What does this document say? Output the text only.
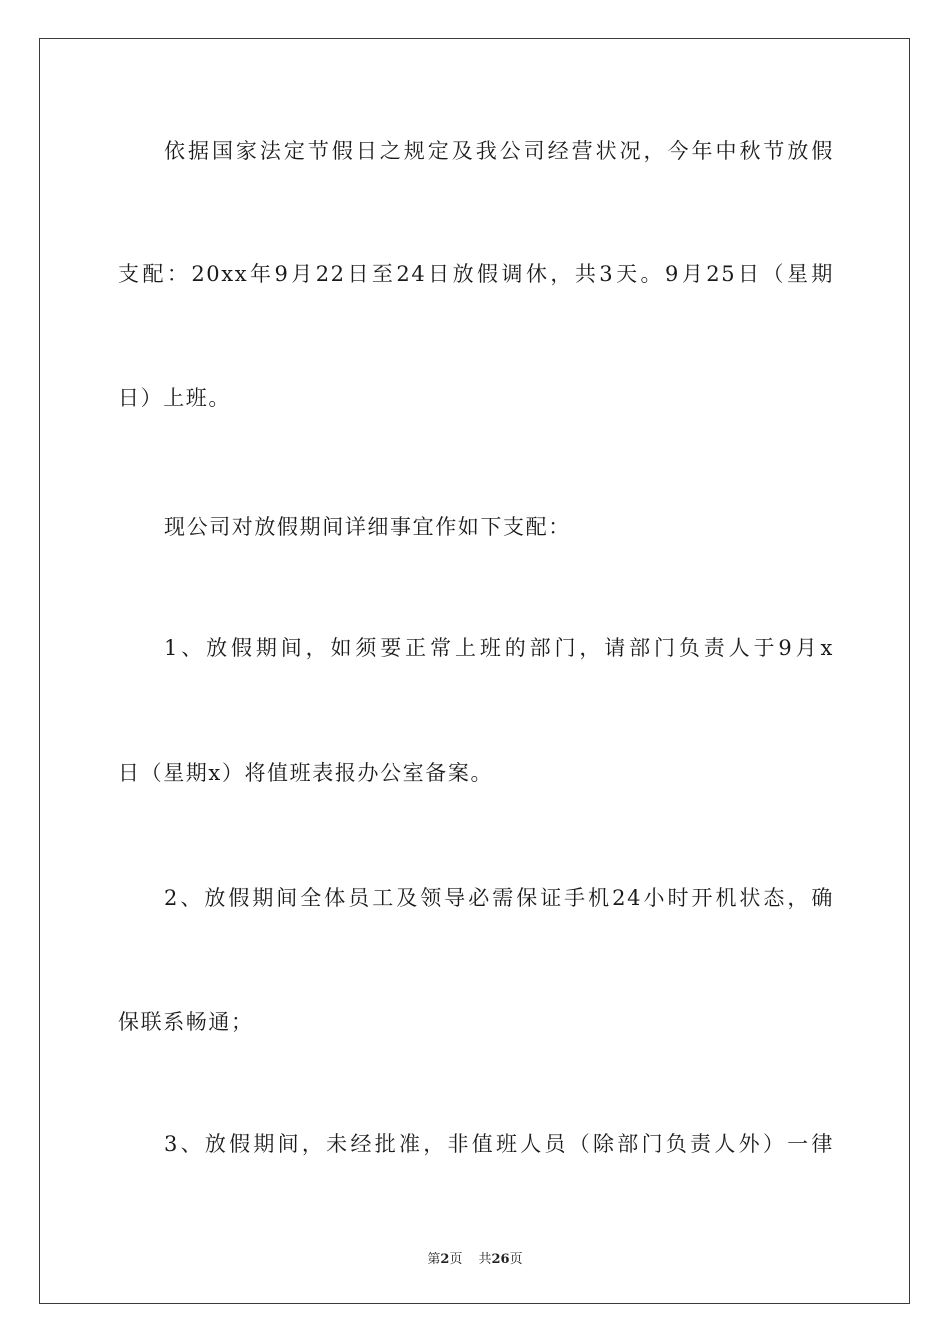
依据国家法定节假日之规定及我公司经营状况，今年中秋节放假
支配：20xx年9月22日至24日放假调休，共3天。9月25日（星期
日）上班。
现公司对放假期间详细事宜作如下支配：
1、放假期间，如须要正常上班的部门，请部门负责人于9月x
日（星期x）将值班表报办公室备案。
2、放假期间全体员工及领导必需保证手机24小时开机状态，确
保联系畅通；
3、放假期间，未经批准，非值班人员（除部门负责人外）一律
第2页 共26页
